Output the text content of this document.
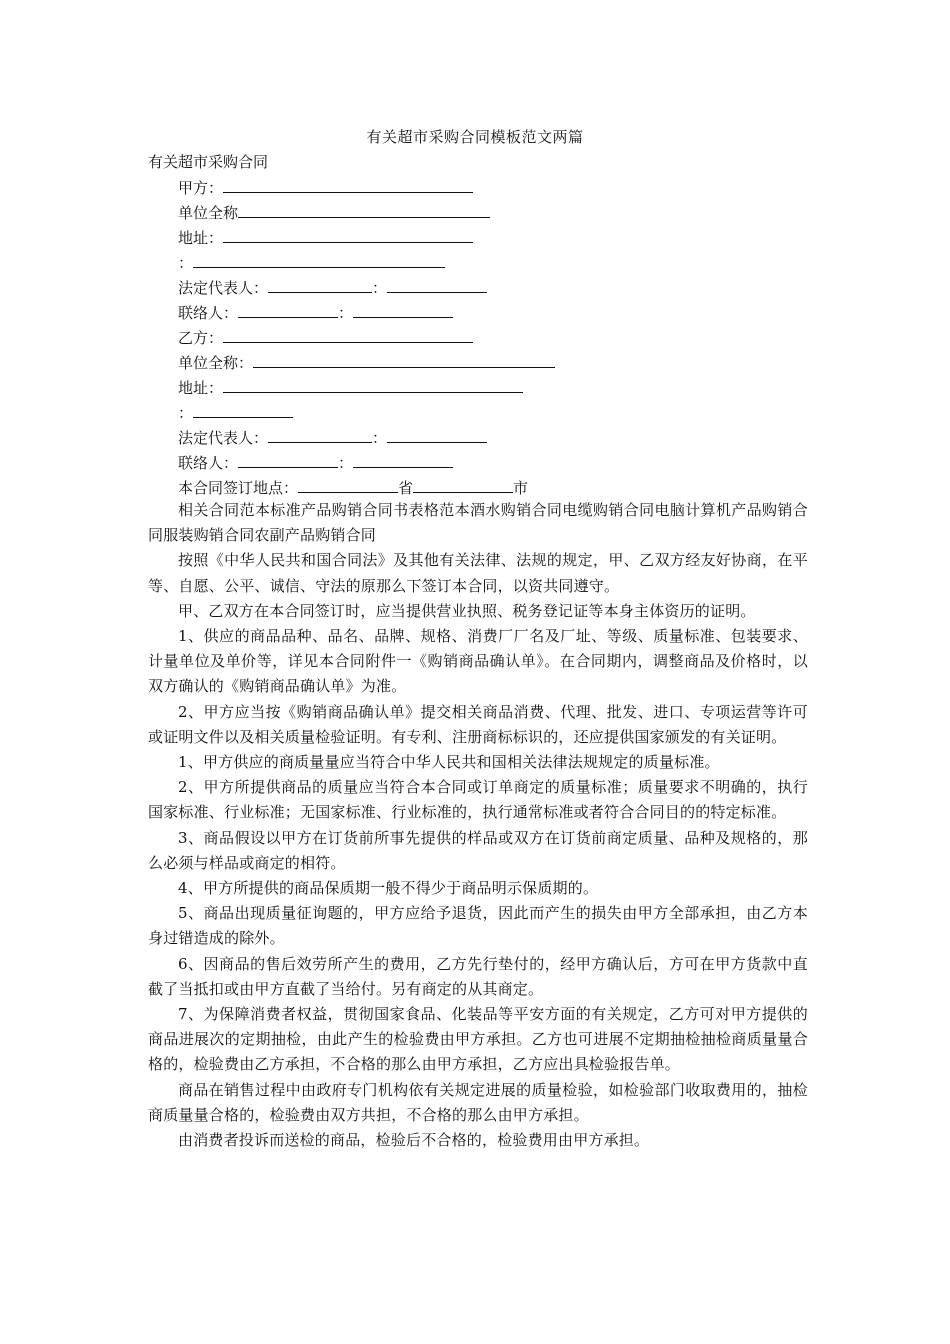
有关超市采购合同模板范文两篇
有关超市采购合同
甲方：
单位全称
地址：
：
法定代表人：	：
联络人：	：
乙方：
单位全称：
地址：
：
法定代表人：	：
联络人：	：
本合同签订地点：	省	市

相关合同范本标准产品购销合同书表格范本酒水购销合同电缆购销合同电脑计算机产品购销合同服装购销合同农副产品购销合同

按照《中华人民共和国合同法》及其他有关法律、法规的规定，甲、乙双方经友好协商，在平等、自愿、公平、诚信、守法的原那么下签订本合同，以资共同遵守。

甲、乙双方在本合同签订时，应当提供营业执照、税务登记证等本身主体资历的证明。

1、供应的商品品种、品名、品牌、规格、消费厂厂名及厂址、等级、质量标准、包装要求、计量单位及单价等，详见本合同附件一《购销商品确认单》。在合同期内，调整商品及价格时，以双方确认的《购销商品确认单》为准。

2、甲方应当按《购销商品确认单》提交相关商品消费、代理、批发、进口、专项运营等许可或证明文件以及相关质量检验证明。有专利、注册商标标识的，还应提供国家颁发的有关证明。

1、甲方供应的商质量量应当符合中华人民共和国相关法律法规规定的质量标准。

2、甲方所提供商品的质量应当符合本合同或订单商定的质量标准；质量要求不明确的，执行国家标准、行业标准；无国家标准、行业标准的，执行通常标准或者符合合同目的的特定标准。

3、商品假设以甲方在订货前所事先提供的样品或双方在订货前商定质量、品种及规格的，那么必须与样品或商定的相符。

4、甲方所提供的商品保质期一般不得少于商品明示保质期的。

5、商品出现质量征询题的，甲方应给予退货，因此而产生的损失由甲方全部承担，由乙方本身过错造成的除外。

6、因商品的售后效劳所产生的费用，乙方先行垫付的，经甲方确认后，方可在甲方货款中直截了当抵扣或由甲方直截了当给付。另有商定的从其商定。

7、为保障消费者权益，贯彻国家食品、化装品等平安方面的有关规定，乙方可对甲方提供的商品进展次的定期抽检，由此产生的检验费由甲方承担。乙方也可进展不定期抽检抽检商质量量合格的，检验费由乙方承担，不合格的那么由甲方承担，乙方应出具检验报告单。

商品在销售过程中由政府专门机构依有关规定进展的质量检验，如检验部门收取费用的，抽检商质量量合格的，检验费由双方共担，不合格的那么由甲方承担。

由消费者投诉而送检的商品，检验后不合格的，检验费用由甲方承担。
